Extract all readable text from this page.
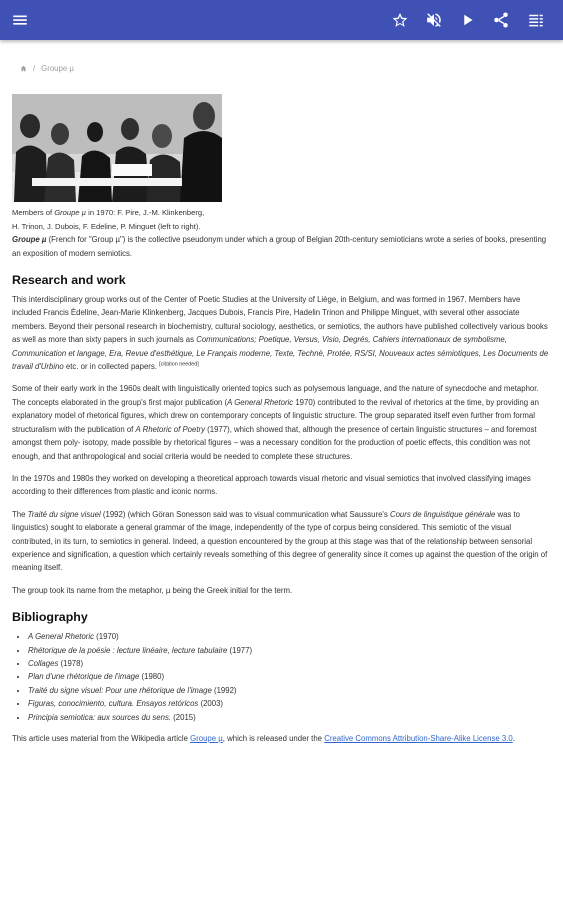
/ Groupe µ
Members of Groupe µ in 1970: F. Pire, J.-M. Klinkenberg, H. Trinon, J. Dubois, F. Edeline, P. Minguet (left to right).

Groupe µ (French for "Group µ") is the collective pseudonym under which a group of Belgian 20th-century semioticians wrote a series of books, presenting an exposition of modern semiotics.

Research and work

This interdisciplinary group works out of the Center of Poetic Studies at the University of Liège, in Belgium, and was formed in 1967. Members have included Francis Édeline, Jean-Marie Klinkenberg, Jacques Dubois, Francis Pire, Hadelin Trinon and Philippe Minguet, with several other associate members. Beyond their personal research in biochemistry, cultural sociology, aesthetics, or semiotics, the authors have published collectively various books as well as more than sixty papers in such journals as Communications; Poetique, Versus, Visio, Degrés, Cahiers internationaux de symbolisme, Communication et langage, Era, Revue d'esthétique, Le Français moderne, Texte, Technè, Protée, RS/SI, Nouveaux actes sémiotiques, Les Documents de travail d'Urbino etc. or in collected papers. [citation needed]

Some of their early work in the 1960s dealt with linguistically oriented topics such as polysemous language, and the nature of synecdoche and metaphor. The concepts elaborated in the group's first major publication (A General Rhetoric 1970) contributed to the revival of rhetorics at the time, by providing an explanatory model of rhetorical figures, which drew on contemporary concepts of linguistic structure. The group separated itself even further from formal structuralism with the publication of A Rhetoric of Poetry (1977), which showed that, although the presence of certain linguistic structures – and foremost amongst them poly- isotopy, made possible by rhetorical figures – was a necessary condition for the production of poetic effects, this condition was not enough, and that anthropological and social criteria would be needed to complete these structures.

In the 1970s and 1980s they worked on developing a theoretical approach towards visual rhetoric and visual semiotics that involved classifying images according to their differences from plastic and iconic norms.

The Traité du signe visuel (1992) (which Göran Sonesson said was to visual communication what Saussure's Cours de linguistique générale was to linguistics) sought to elaborate a general grammar of the image, independently of the type of corpus being considered. This semiotic of the visual contributed, in its turn, to semiotics in general. Indeed, a question encountered by the group at this stage was that of the relationship between sensorial experience and signification, a question which certainly reveals something of this degree of generality since it comes up against the question of the origin of meaning itself.

The group took its name from the metaphor, µ being the Greek initial for the term.

Bibliography
• A General Rhetoric (1970)
• Rhétorique de la poésie : lecture linéaire, lecture tabulaire (1977)
• Collages (1978)
• Plan d'une rhétorique de l'image (1980)
• Traité du signe visuel: Pour une rhétorique de l'image (1992)
• Figuras, conocimiento, cultura. Ensayos retóricos (2003)
• Principia semiotica: aux sources du sens. (2015)

This article uses material from the Wikipedia article Groupe µ, which is released under the Creative Commons Attribution-Share-Alike License 3.0.
